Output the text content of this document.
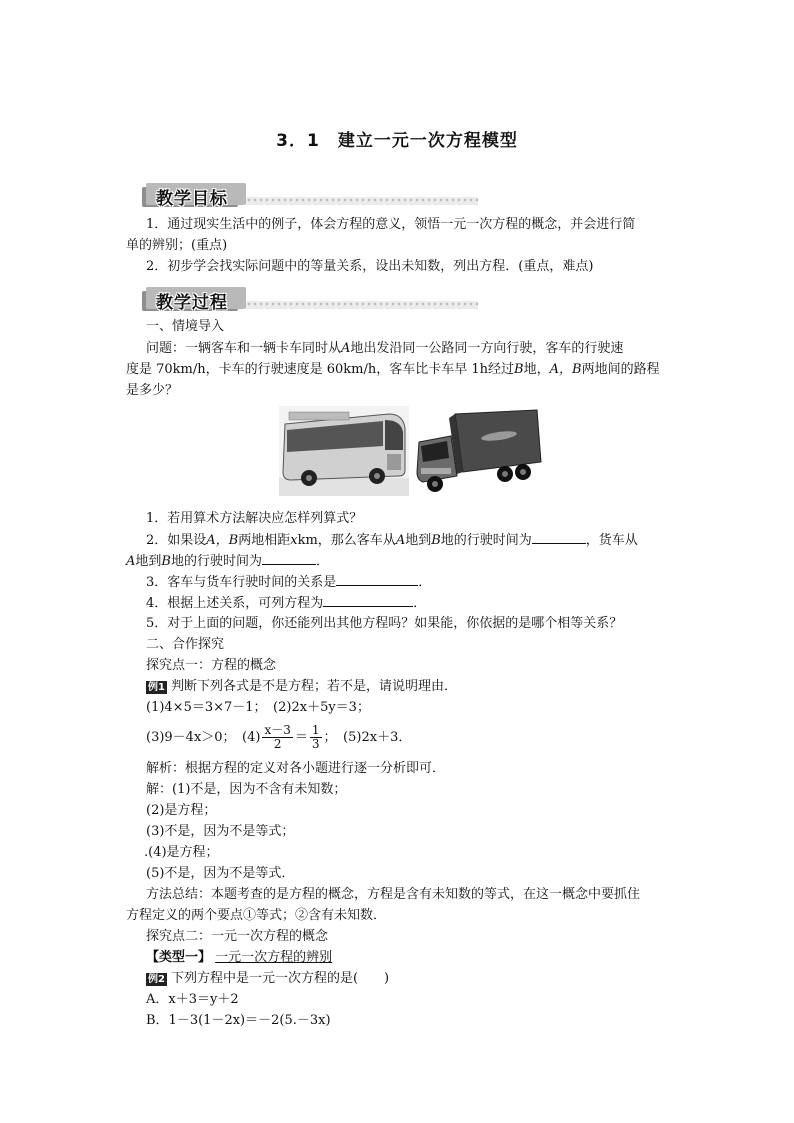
3．1　建立一元一次方程模型
教学目标
1．通过现实生活中的例子，体会方程的意义，领悟一元一次方程的概念，并会进行简
单的辨别；(重点)
2．初步学会找实际问题中的等量关系，设出未知数，列出方程．(重点，难点)
教学过程
一、情境导入
问题：一辆客车和一辆卡车同时从A地出发沿同一公路同一方向行驶，客车的行驶速
度是 70km/h，卡车的行驶速度是 60km/h，客车比卡车早 1h经过B地，A，B两地间的路程
是多少？
1．若用算术方法解决应怎样列算式？
2．如果设A，B两地相距xkm，那么客车从A地到B地的行驶时间为	，货车从
A地到B地的行驶时间为	．
3．客车与货车行驶时间的关系是	．
4．根据上述关系，可列方程为	．
5．对于上面的问题，你还能列出其他方程吗？如果能，你依据的是哪个相等关系？
二、合作探究
探究点一：方程的概念
例1 判断下列各式是不是方程；若不是，请说明理由．
(1)4×5＝3×7－1；　(2)2x＋5y＝3；
(3)9－4x＞0；　$(4) \frac{x-3}{2} = \frac{1}{3}$ ；　(5)2x＋3．
解析：根据方程的定义对各小题进行逐一分析即可．
解：(1)不是，因为不含有未知数；
(2)是方程；
(3)不是，因为不是等式；
.(4)是方程；
(5)不是，因为不是等式．
方法总结：本题考查的是方程的概念，方程是含有未知数的等式，在这一概念中要抓住
方程定义的两个要点①等式；②含有未知数．
探究点二：一元一次方程的概念
【类型一】 一元一次方程的辨别
例2 下列方程中是一元一次方程的是(　　)
A．x＋3＝y＋2
B．1－3(1－2x)＝－2(5.－3x)
